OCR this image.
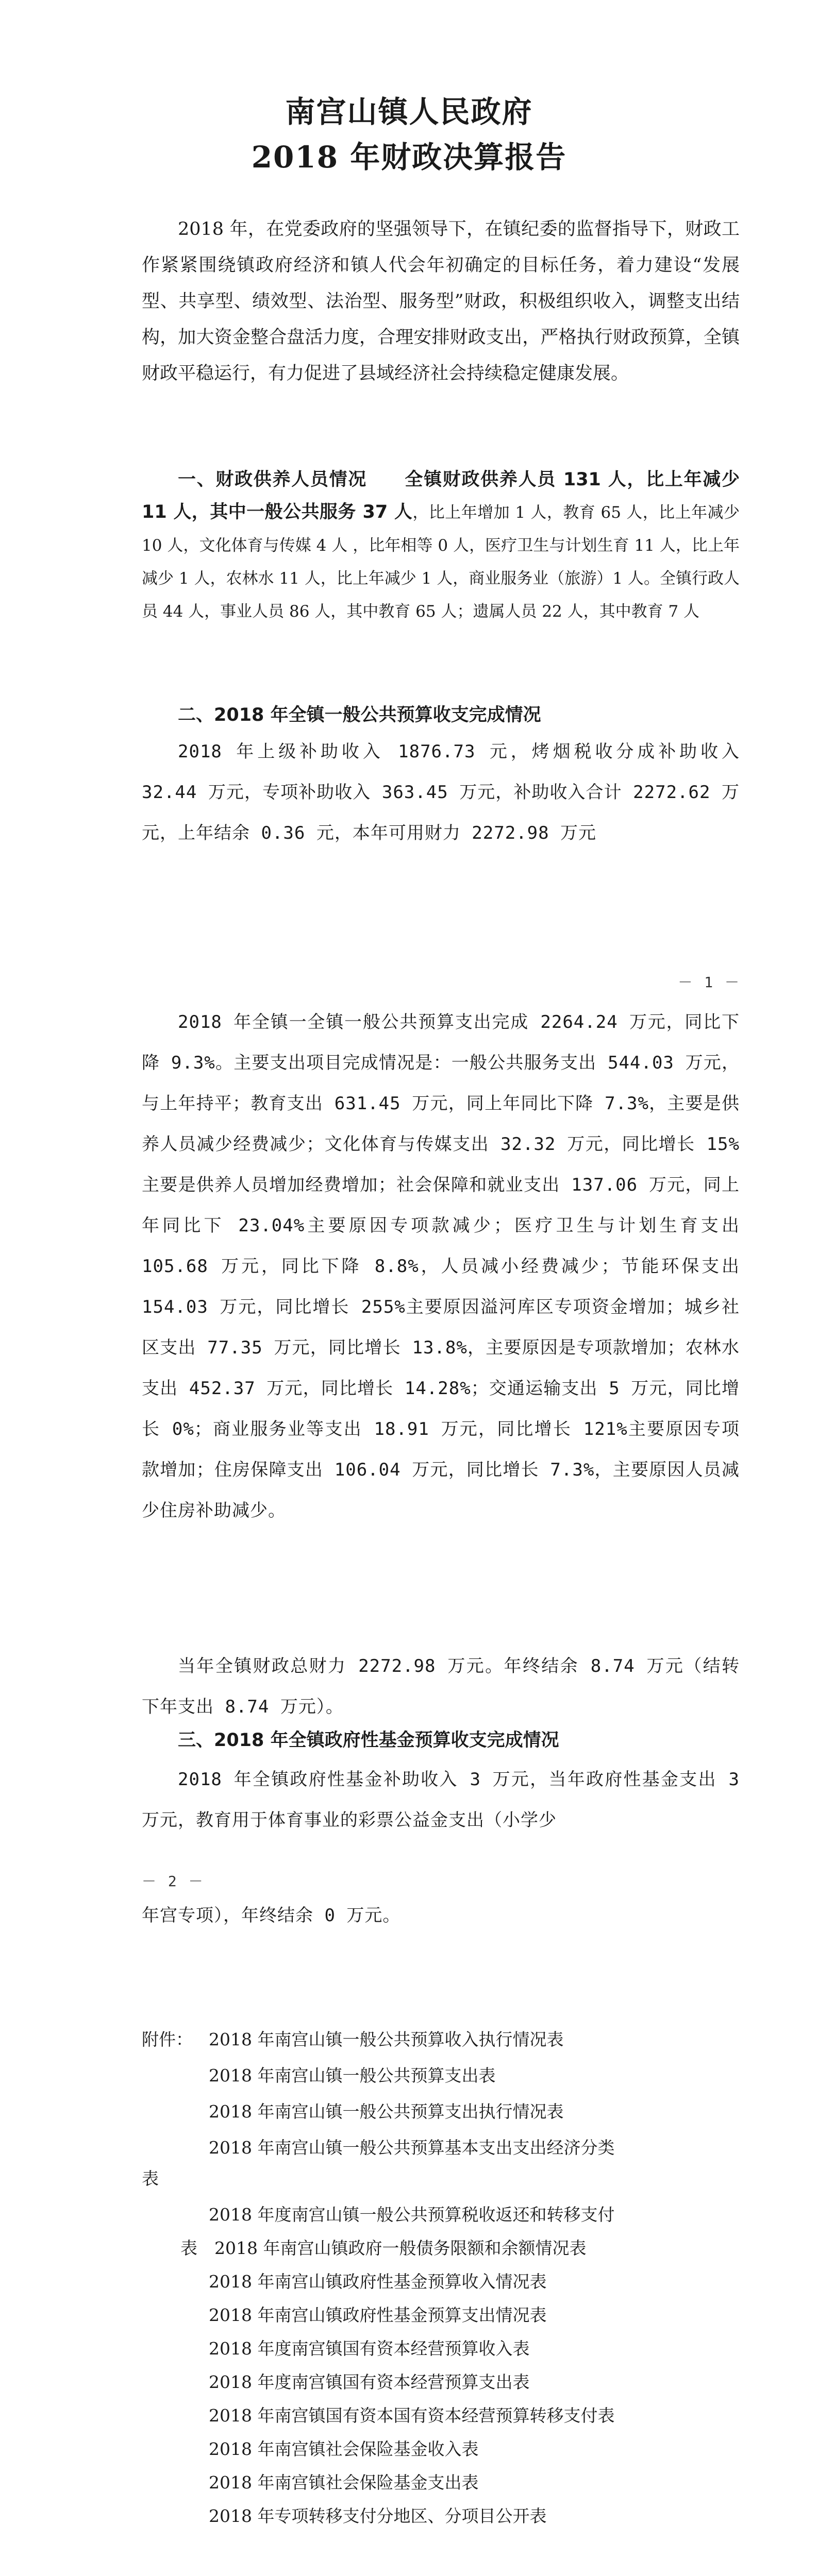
南宫山镇人民政府
2018 年财政决算报告

2018 年，在党委政府的坚强领导下，在镇纪委的监督指导下，财政工作紧紧围绕镇政府经济和镇人代会年初确定的目标任务，着力建设“发展型、共享型、绩效型、法治型、服务型”财政，积极组织收入，调整支出结构，加大资金整合盘活力度，合理安排财政支出，严格执行财政预算，全镇财政平稳运行，有力促进了县域经济社会持续稳定健康发展。

一、财政供养人员情况　　 全镇财政供养人员 131 人，比上年减少 11 人，其中一般公共服务 37 人，比上年增加 1 人，教育 65 人，比上年减少 10 人，文化体育与传媒 4 人 ，比年相等 0 人，医疗卫生与计划生育 11 人，比上年减少 1 人，农林水 11 人，比上年减少 1 人，商业服务业（旅游）1 人。全镇行政人员 44 人，事业人员 86 人，其中教育 65 人；遗属人员 22 人，其中教育 7 人

二、2018 年全镇一般公共预算收支完成情况

2018 年上级补助收入 1876.73 元，烤烟税收分成补助收入 32.44 万元，专项补助收入 363.45 万元，补助收入合计 2272.62 万元，上年结余 0.36 元，本年可用财力 2272.98 万元

－ 1 －

2018 年全镇一全镇一般公共预算支出完成 2264.24 万元，同比下降 9.3%。主要支出项目完成情况是：一般公共服务支出 544.03 万元，与上年持平；教育支出 631.45 万元，同上年同比下降 7.3%，主要是供养人员减少经费减少；文化体育与传媒支出 32.32 万元，同比增长 15%主要是供养人员增加经费增加；社会保障和就业支出 137.06 万元，同上年同比下 23.04%主要原因专项款减少；医疗卫生与计划生育支出 105.68 万元，同比下降 8.8%，人员减小经费减少；节能环保支出 154.03 万元，同比增长 255%主要原因溢河库区专项资金增加；城乡社区支出 77.35 万元，同比增长 13.8%，主要原因是专项款增加；农林水支出 452.37 万元，同比增长 14.28%；交通运输支出 5 万元，同比增长 0%；商业服务业等支出 18.91 万元，同比增长 121%主要原因专项款增加；住房保障支出 106.04 万元，同比增长 7.3%，主要原因人员减少住房补助减少。

当年全镇财政总财力 2272.98 万元。年终结余 8.74 万元（结转下年支出 8.74 万元）。

三、2018 年全镇政府性基金预算收支完成情况

2018 年全镇政府性基金补助收入 3 万元，当年政府性基金支出 3 万元，教育用于体育事业的彩票公益金支出（小学少

－ 2 －
年宫专项），年终结余 0 万元。
附件： 2018 年南宫山镇一般公共预算收入执行情况表
2018 年南宫山镇一般公共预算支出表
2018 年南宫山镇一般公共预算支出执行情况表
2018 年南宫山镇一般公共预算基本支出支出经济分类
表
2018 年度南宫山镇一般公共预算税收返还和转移支付
表　2018 年南宫山镇政府一般债务限额和余额情况表
2018 年南宫山镇政府性基金预算收入情况表
2018 年南宫山镇政府性基金预算支出情况表
2018 年度南宫镇国有资本经营预算收入表
2018 年度南宫镇国有资本经营预算支出表
2018 年南宫镇国有资本国有资本经营预算转移支付表
2018 年南宫镇社会保险基金收入表
2018 年南宫镇社会保险基金支出表
2018 年专项转移支付分地区、分项目公开表
